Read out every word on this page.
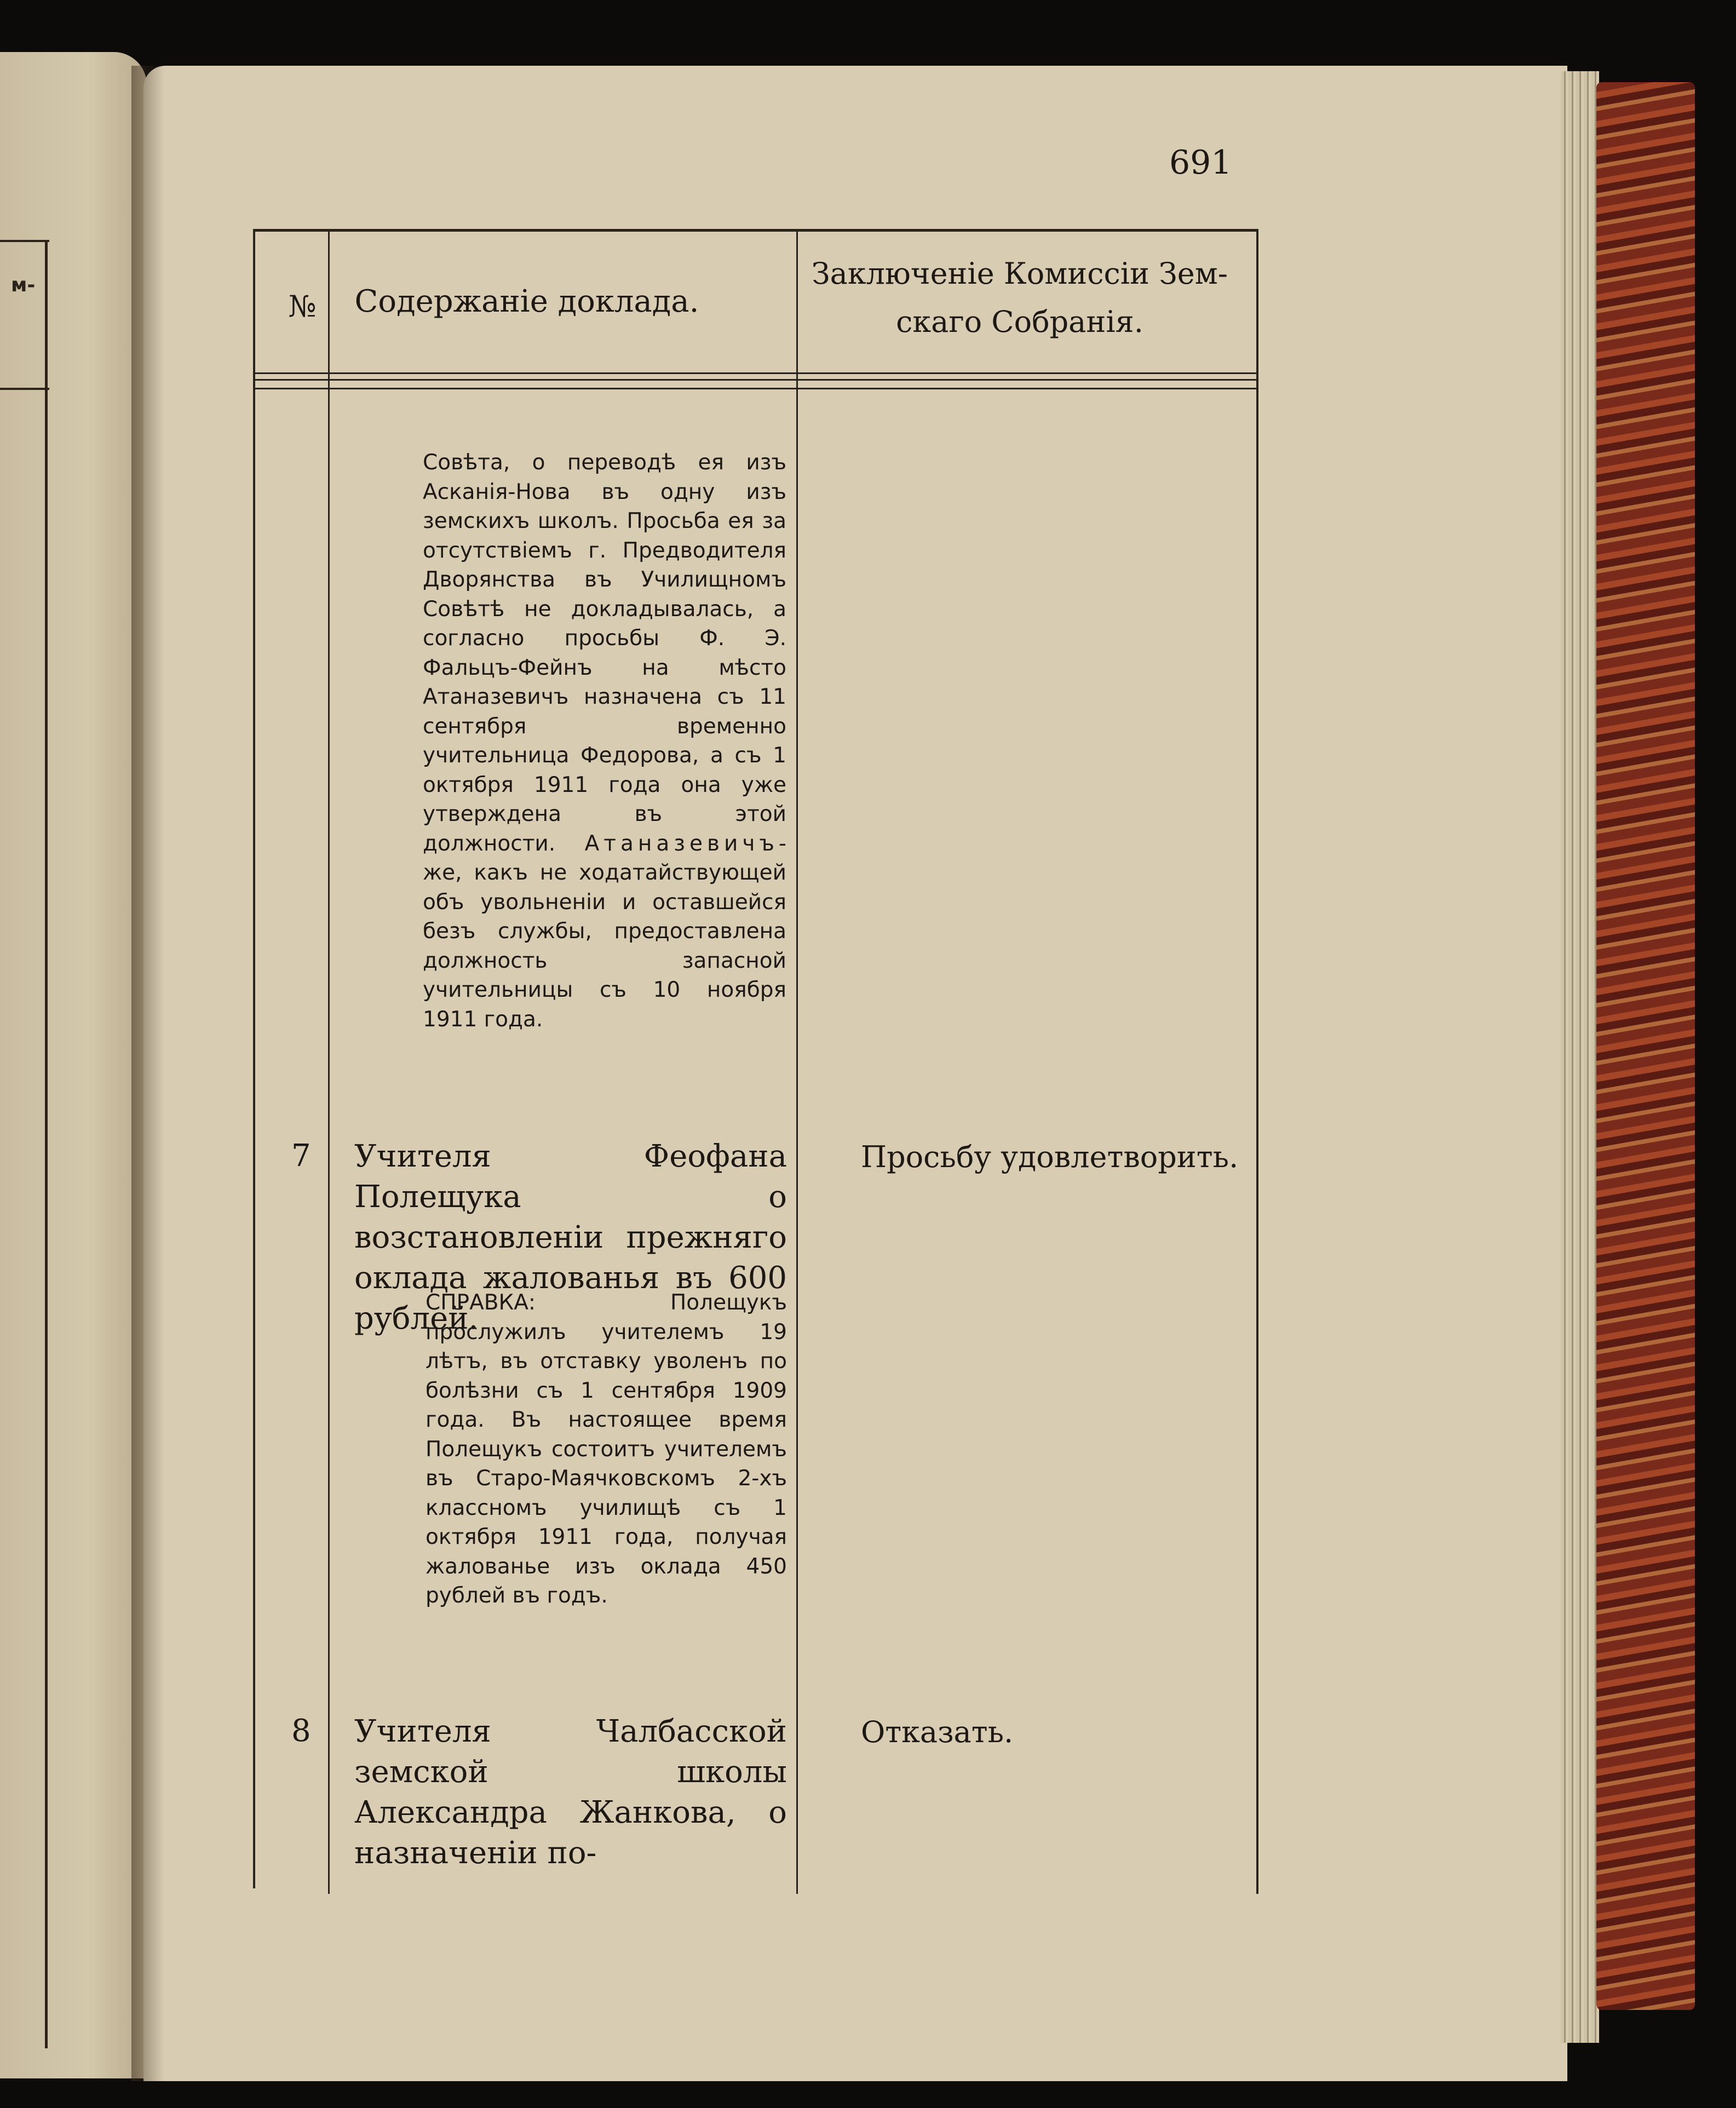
м-
691
№	Содержаніе доклада.
Заключеніе Комиссіи Зем-скаго Собранія.
Совѣта, о переводѣ ея изъ Асканія-Нова въ одну изъ земскихъ школъ. Просьба ея за отсутствіемъ г. Предводителя Дворянства въ Училищномъ Совѣтѣ не докладывалась, а согласно просьбы Ф. Э. Фальцъ-Фейнъ на мѣсто Атаназевичъ назначена съ 11 сентября временно учительница Федорова, а съ 1 октября 1911 года она уже утверждена въ этой должности. Атаназевичъ-же, какъ не ходатайствующей объ увольненіи и оставшейся безъ службы, предоставлена должность запасной учительницы съ 10 ноября 1911 года.
7 Учителя Феофана Полещука о возстановленіи прежняго оклада жалованья въ 600 рублей.
СПРАВКА: Полещукъ прослужилъ учителемъ 19 лѣтъ, въ отставку уволенъ по болѣзни съ 1 сентября 1909 года. Въ настоящее время Полещукъ состоитъ учителемъ въ Старо-Маячковскомъ 2-хъ классномъ училищѣ съ 1 октября 1911 года, получая жалованье изъ оклада 450 рублей въ годъ.
Просьбу удовлетворить.
8 Учителя Чалбасской земской школы Александра Жанкова, о назначеніи по-
Отказать.
